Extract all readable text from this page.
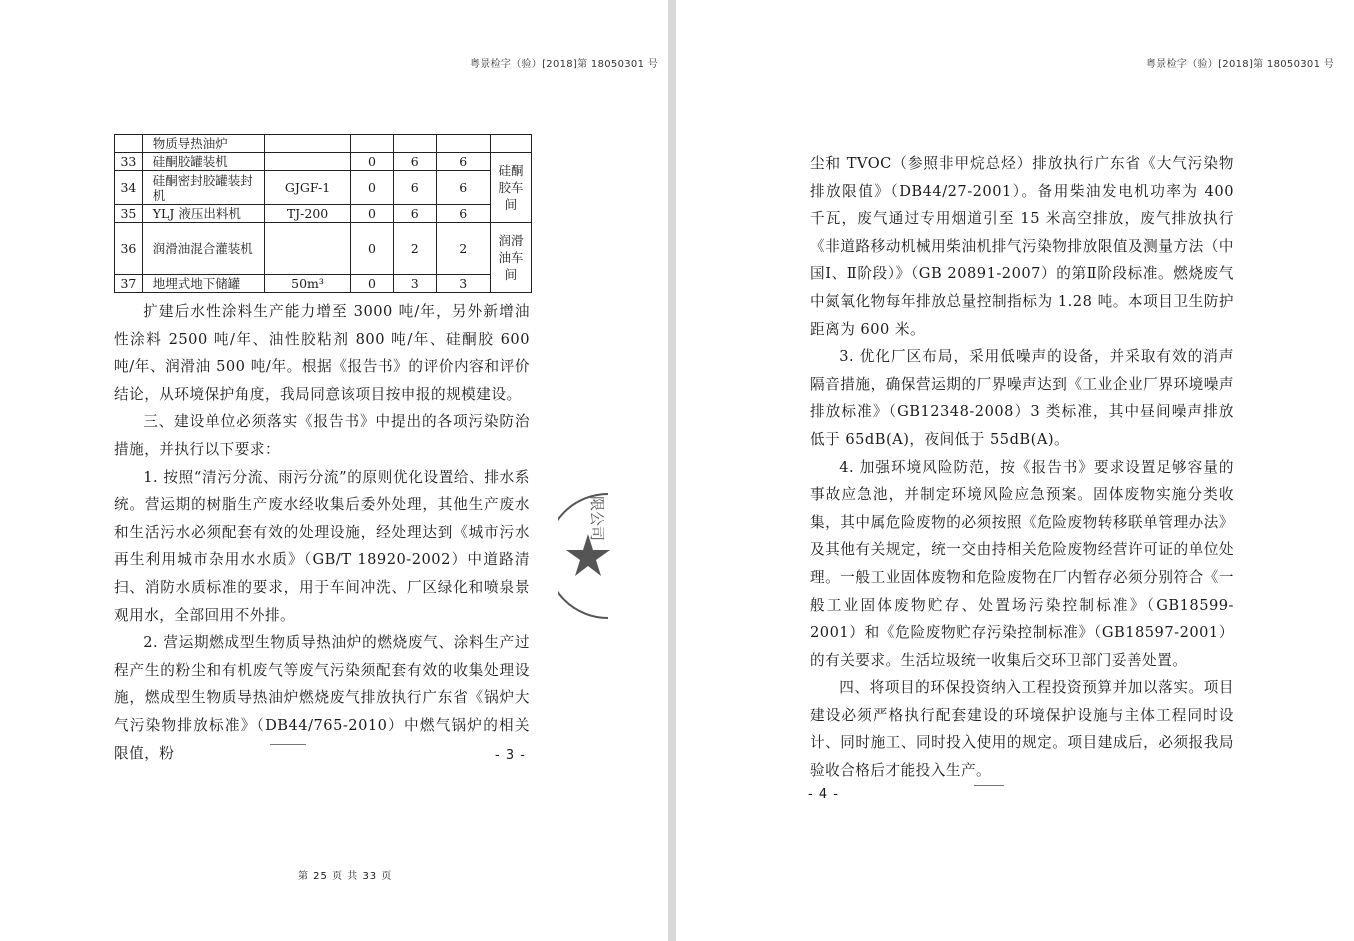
粤景检字（验）[2018]第 18050301 号
	物质导热油炉					
33	硅酮胶罐装机		0	6	6	硅酮胶车间
34	硅酮密封胶罐装封机	GJGF-1	0	6	6	
35	YLJ 液压出料机	TJ-200	0	6	6	
36	润滑油混合灌装机		0	2	2	润滑油车间
37	地埋式地下储罐	50m³	0	3	3	

扩建后水性涂料生产能力增至 3000 吨/年，另外新增油性涂料 2500 吨/年、油性胶粘剂 800 吨/年、硅酮胶 600 吨/年、润滑油 500 吨/年。根据《报告书》的评价内容和评价结论，从环境保护角度，我局同意该项目按申报的规模建设。

三、建设单位必须落实《报告书》中提出的各项污染防治措施，并执行以下要求：

1. 按照“清污分流、雨污分流”的原则优化设置给、排水系统。营运期的树脂生产废水经收集后委外处理，其他生产废水和生活污水必须配套有效的处理设施，经处理达到《城市污水再生利用城市杂用水水质》（GB/T 18920-2002）中道路清扫、消防水质标准的要求，用于车间冲洗、厂区绿化和喷泉景观用水，全部回用不外排。

2. 营运期燃成型生物质导热油炉的燃烧废气、涂料生产过程产生的粉尘和有机废气等废气污染须配套有效的收集处理设施，燃成型生物质导热油炉燃烧废气排放执行广东省《锅炉大气污染物排放标准》（DB44/765-2010）中燃气锅炉的相关限值，粉

限公司
- 3 -
第 25 页 共 33 页
粤景检字（验）[2018]第 18050301 号

尘和 TVOC（参照非甲烷总烃）排放执行广东省《大气污染物排放限值》（DB44/27-2001）。备用柴油发电机功率为 400 千瓦，废气通过专用烟道引至 15 米高空排放，废气排放执行《非道路移动机械用柴油机排气污染物排放限值及测量方法（中国Ⅰ、Ⅱ阶段）》（GB 20891-2007）的第Ⅱ阶段标准。燃烧废气中氮氧化物每年排放总量控制指标为 1.28 吨。本项目卫生防护距离为 600 米。

3. 优化厂区布局，采用低噪声的设备，并采取有效的消声隔音措施，确保营运期的厂界噪声达到《工业企业厂界环境噪声排放标准》（GB12348-2008）3 类标准，其中昼间噪声排放低于 65dB(A)，夜间低于 55dB(A)。

4. 加强环境风险防范，按《报告书》要求设置足够容量的事故应急池，并制定环境风险应急预案。固体废物实施分类收集，其中属危险废物的必须按照《危险废物转移联单管理办法》及其他有关规定，统一交由持相关危险废物经营许可证的单位处理。一般工业固体废物和危险废物在厂内暂存必须分别符合《一般工业固体废物贮存、处置场污染控制标准》（GB18599-2001）和《危险废物贮存污染控制标准》（GB18597-2001）的有关要求。生活垃圾统一收集后交环卫部门妥善处置。

四、将项目的环保投资纳入工程投资预算并加以落实。项目建设必须严格执行配套建设的环境保护设施与主体工程同时设计、同时施工、同时投入使用的规定。项目建成后，必须报我局验收合格后才能投入生产。

- 4 -
